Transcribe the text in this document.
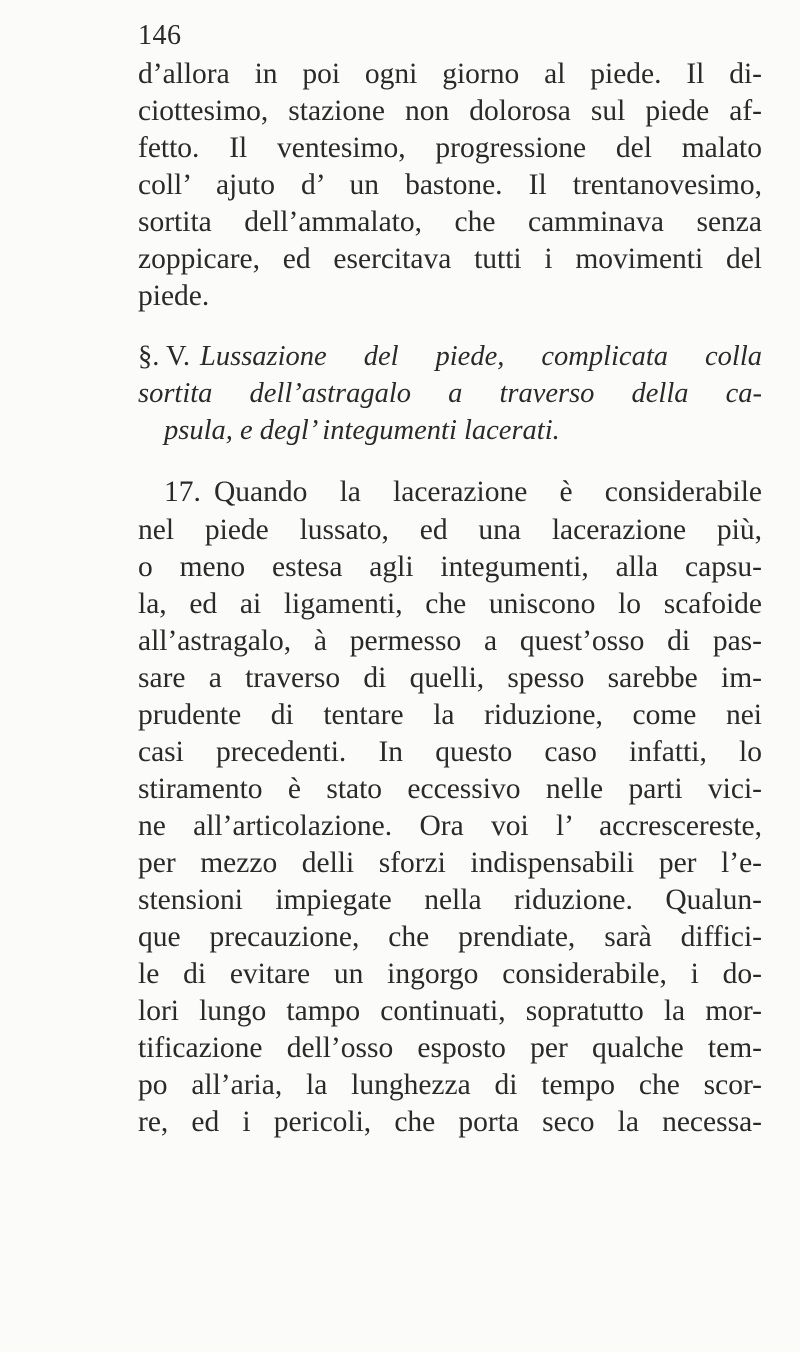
146
d’allora in poi ogni giorno al piede. Il di-
ciottesimo, stazione non dolorosa sul piede af-
fetto. Il ventesimo, progressione del malato
coll’ ajuto d’ un bastone. Il trentanovesimo,
sortita dell’ammalato, che camminava senza
zoppicare, ed esercitava tutti i movimenti del
piede.
§. V. Lussazione del piede, complicata colla
sortita dell’astragalo a traverso della ca-
psula, e degl’ integumenti lacerati.
17. Quando la lacerazione è considerabile
nel piede lussato, ed una lacerazione più,
o meno estesa agli integumenti, alla capsu-
la, ed ai ligamenti, che uniscono lo scafoide
all’astragalo, à permesso a quest’osso di pas-
sare a traverso di quelli, spesso sarebbe im-
prudente di tentare la riduzione, come nei
casi precedenti. In questo caso infatti, lo
stiramento è stato eccessivo nelle parti vici-
ne all’articolazione. Ora voi l’ accrescereste,
per mezzo delli sforzi indispensabili per l’e-
stensioni impiegate nella riduzione. Qualun-
que precauzione, che prendiate, sarà diffici-
le di evitare un ingorgo considerabile, i do-
lori lungo tampo continuati, sopratutto la mor-
tificazione dell’osso esposto per qualche tem-
po all’aria, la lunghezza di tempo che scor-
re, ed i pericoli, che porta seco la necessa-
